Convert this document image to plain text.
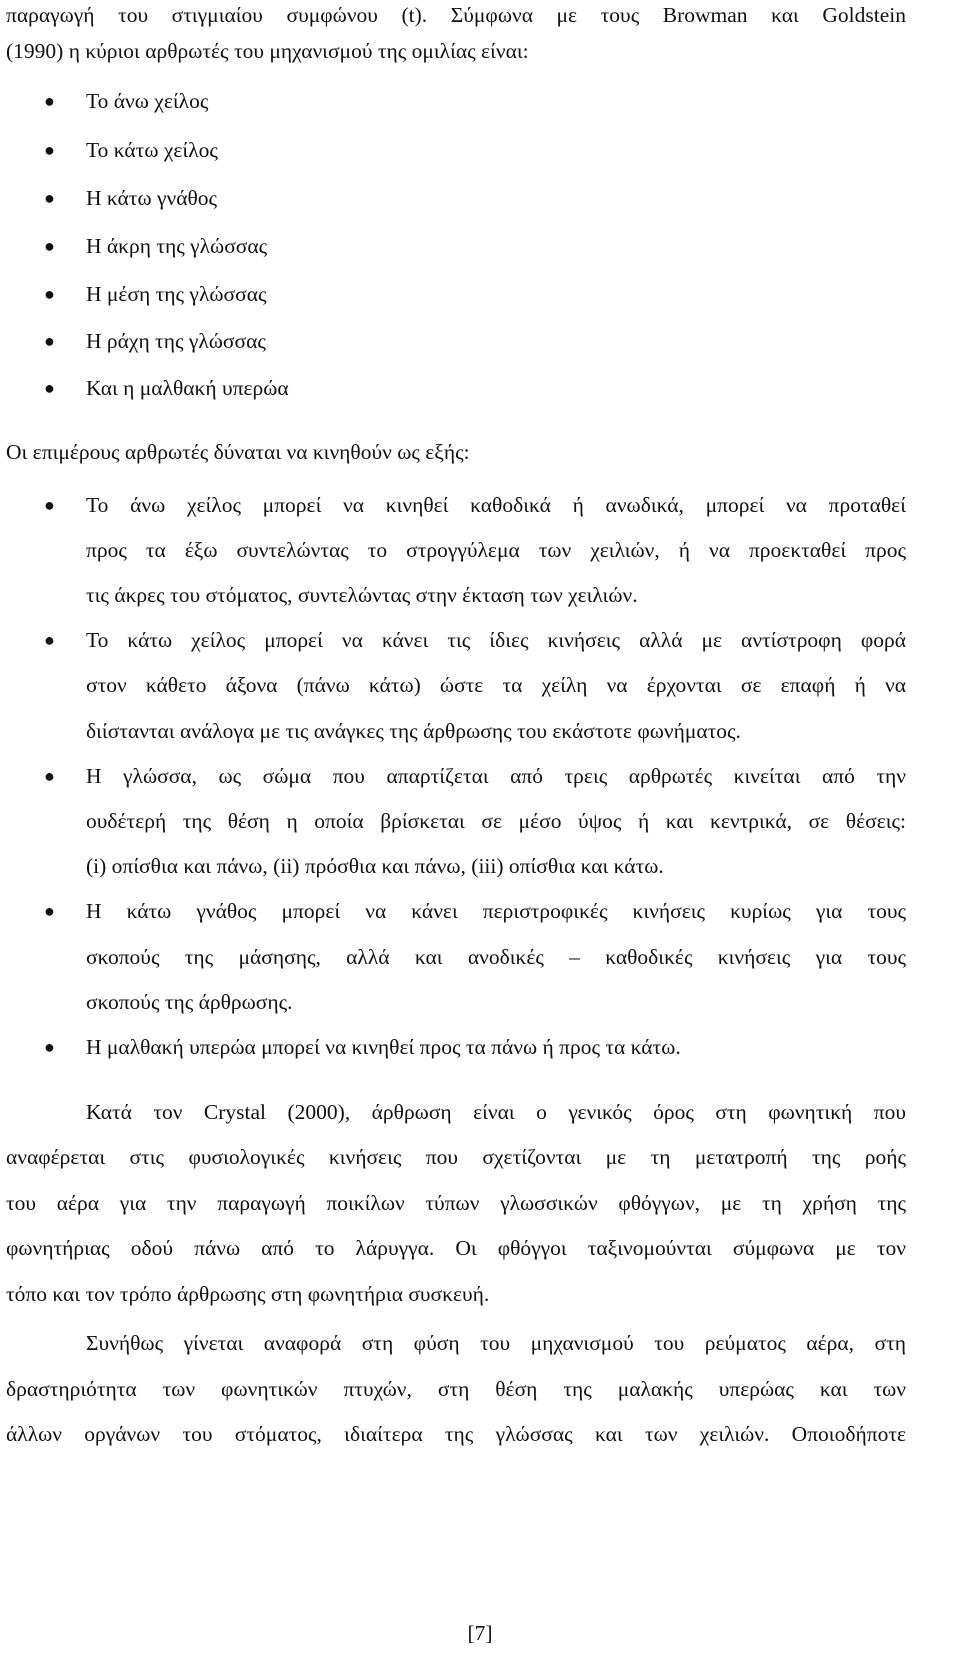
παραγωγή του στιγμιαίου συμφώνου (t). Σύμφωνα με τους Browman και Goldstein
(1990) η κύριοι αρθρωτές του μηχανισμού της ομιλίας είναι:
● Το άνω χείλος
● Το κάτω χείλος
● Η κάτω γνάθος
● Η άκρη της γλώσσας
● Η μέση της γλώσσας
● Η ράχη της γλώσσας
● Και η μαλθακή υπερώα
Οι επιμέρους αρθρωτές δύναται να κινηθούν ως εξής:
● Το άνω χείλος μπορεί να κινηθεί καθοδικά ή ανωδικά, μπορεί να προταθεί
προς τα έξω συντελώντας το στρογγύλεμα των χειλιών, ή να προεκταθεί προς
τις άκρες του στόματος, συντελώντας στην έκταση των χειλιών.
● Το κάτω χείλος μπορεί να κάνει τις ίδιες κινήσεις αλλά με αντίστροφη φορά
στον κάθετο άξονα (πάνω κάτω) ώστε τα χείλη να έρχονται σε επαφή ή να
διίστανται ανάλογα με τις ανάγκες της άρθρωσης του εκάστοτε φωνήματος.
● Η γλώσσα, ως σώμα που απαρτίζεται από τρεις αρθρωτές κινείται από την
ουδέτερή της θέση η οποία βρίσκεται σε μέσο ύψος ή και κεντρικά, σε θέσεις:
(i) οπίσθια και πάνω, (ii) πρόσθια και πάνω, (iii) οπίσθια και κάτω.
● Η κάτω γνάθος μπορεί να κάνει περιστροφικές κινήσεις κυρίως για τους
σκοπούς της μάσησης, αλλά και ανοδικές – καθοδικές κινήσεις για τους
σκοπούς της άρθρωσης.
● Η μαλθακή υπερώα μπορεί να κινηθεί προς τα πάνω ή προς τα κάτω.
Κατά τον Crystal (2000), άρθρωση είναι ο γενικός όρος στη φωνητική που
αναφέρεται στις φυσιολογικές κινήσεις που σχετίζονται με τη μετατροπή της ροής
του αέρα για την παραγωγή ποικίλων τύπων γλωσσικών φθόγγων, με τη χρήση της
φωνητήριας οδού πάνω από το λάρυγγα. Οι φθόγγοι ταξινομούνται σύμφωνα με τον
τόπο και τον τρόπο άρθρωσης στη φωνητήρια συσκευή.
Συνήθως γίνεται αναφορά στη φύση του μηχανισμού του ρεύματος αέρα, στη
δραστηριότητα των φωνητικών πτυχών, στη θέση της μαλακής υπερώας και των
άλλων οργάνων του στόματος, ιδιαίτερα της γλώσσας και των χειλιών. Οποιοδήποτε
[7]
